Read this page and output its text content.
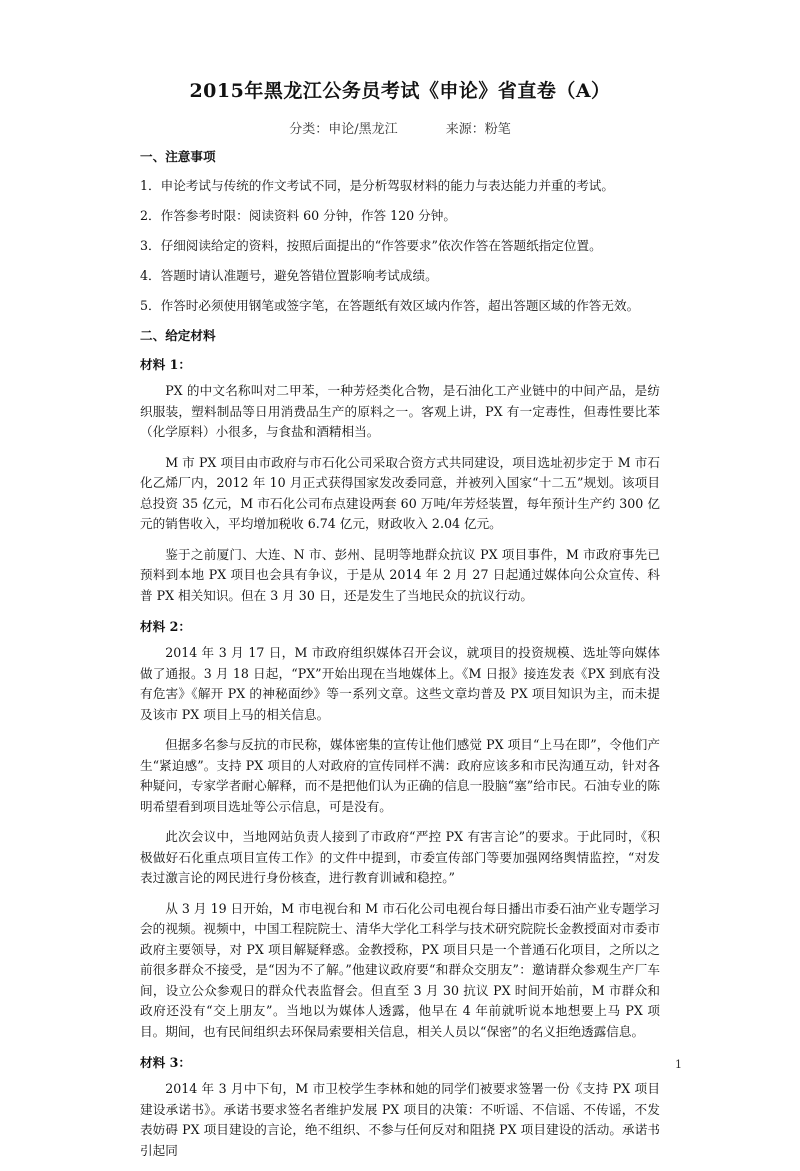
2015年黑龙江公务员考试《申论》省直卷（A）
分类：申论/黑龙江	来源：粉笔
一、注意事项
1．申论考试与传统的作文考试不同，是分析驾驭材料的能力与表达能力并重的考试。
2．作答参考时限：阅读资料 60 分钟，作答 120 分钟。
3．仔细阅读给定的资料，按照后面提出的“作答要求”依次作答在答题纸指定位置。
4．答题时请认准题号，避免答错位置影响考试成绩。
5．作答时必须使用钢笔或签字笔，在答题纸有效区域内作答，超出答题区域的作答无效。
二、给定材料
材料 1：

PX 的中文名称叫对二甲苯，一种芳烃类化合物，是石油化工产业链中的中间产品，是纺织服装，塑料制品等日用消费品生产的原料之一。客观上讲，PX 有一定毒性，但毒性要比苯（化学原料）小很多，与食盐和酒精相当。

M 市 PX 项目由市政府与市石化公司采取合资方式共同建设，项目选址初步定于 M 市石化乙烯厂内，2012 年 10 月正式获得国家发改委同意，并被列入国家“十二五”规划。该项目总投资 35 亿元，M 市石化公司布点建设两套 60 万吨/年芳烃装置，每年预计生产约 300 亿元的销售收入，平均增加税收 6.74 亿元，财政收入 2.04 亿元。

鉴于之前厦门、大连、N 市、彭州、昆明等地群众抗议 PX 项目事件，M 市政府事先已预料到本地 PX 项目也会具有争议，于是从 2014 年 2 月 27 日起通过媒体向公众宣传、科普 PX 相关知识。但在 3 月 30 日，还是发生了当地民众的抗议行动。

材料 2：

2014 年 3 月 17 日，M 市政府组织媒体召开会议，就项目的投资规模、选址等向媒体做了通报。3 月 18 日起，“PX”开始出现在当地媒体上。《M 日报》接连发表《PX 到底有没有危害》《解开 PX 的神秘面纱》等一系列文章。这些文章均普及 PX 项目知识为主，而未提及该市 PX 项目上马的相关信息。

但据多名参与反抗的市民称，媒体密集的宣传让他们感觉 PX 项目“上马在即”，令他们产生“紧迫感”。支持 PX 项目的人对政府的宣传同样不满：政府应该多和市民沟通互动，针对各种疑问，专家学者耐心解释，而不是把他们认为正确的信息一股脑“塞”给市民。石油专业的陈明希望看到项目选址等公示信息，可是没有。

此次会议中，当地网站负责人接到了市政府“严控 PX 有害言论”的要求。于此同时，《积极做好石化重点项目宣传工作》的文件中提到，市委宣传部门等要加强网络舆情监控，“对发表过激言论的网民进行身份核查，进行教育训诫和稳控。”

从 3 月 19 日开始，M 市电视台和 M 市石化公司电视台每日播出市委石油产业专题学习会的视频。视频中，中国工程院院士、清华大学化工科学与技术研究院院长金教授面对市委市政府主要领导，对 PX 项目解疑释惑。金教授称，PX 项目只是一个普通石化项目，之所以之前很多群众不接受，是“因为不了解。”他建议政府要“和群众交朋友”：邀请群众参观生产厂车间，设立公众参观日的群众代表监督会。但直至 3 月 30 抗议 PX 时间开始前，M 市群众和政府还没有“交上朋友”。当地以为媒体人透露，他早在 4 年前就听说本地想要上马 PX 项目。期间，也有民间组织去环保局索要相关信息，相关人员以“保密”的名义拒绝透露信息。

材料 3：

2014 年 3 月中下旬，M 市卫校学生李林和她的同学们被要求签署一份《支持 PX 项目建设承诺书》。承诺书要求签名者维护发展 PX 项目的决策：不听谣、不信谣、不传谣，不发表妨碍 PX 项目建设的言论，绝不组织、不参与任何反对和阻挠 PX 项目建设的活动。承诺书引起同

1
